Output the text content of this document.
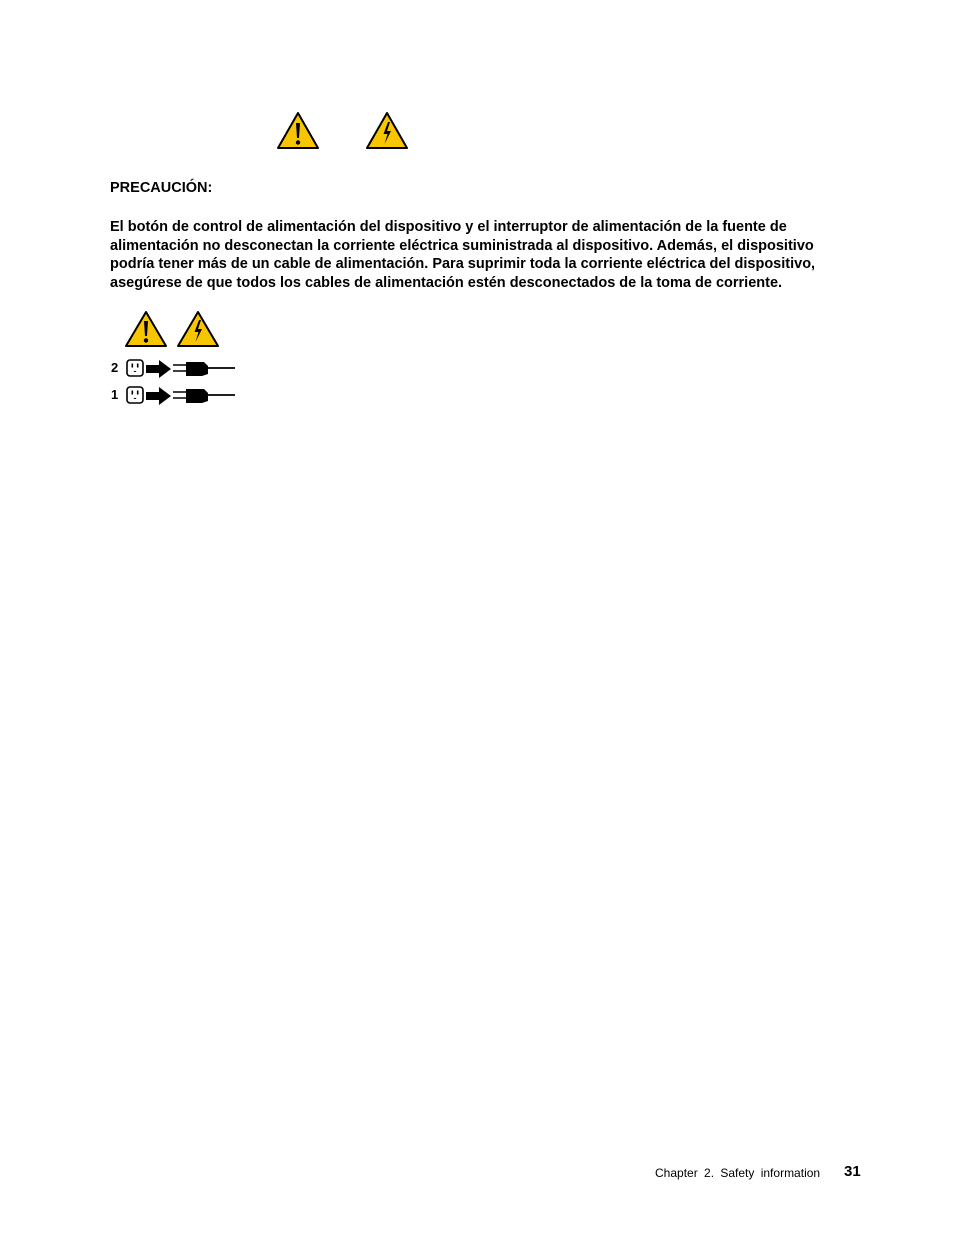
PRECAUCIÓN:
El botón de control de alimentación del dispositivo y el interruptor de alimentación de la fuente de
alimentación no desconectan la corriente eléctrica suministrada al dispositivo. Además, el dispositivo
podría tener más de un cable de alimentación. Para suprimir toda la corriente eléctrica del dispositivo,
asegúrese de que todos los cables de alimentación estén desconectados de la toma de corriente.
2
1
Chapter 2. Safety information 31
